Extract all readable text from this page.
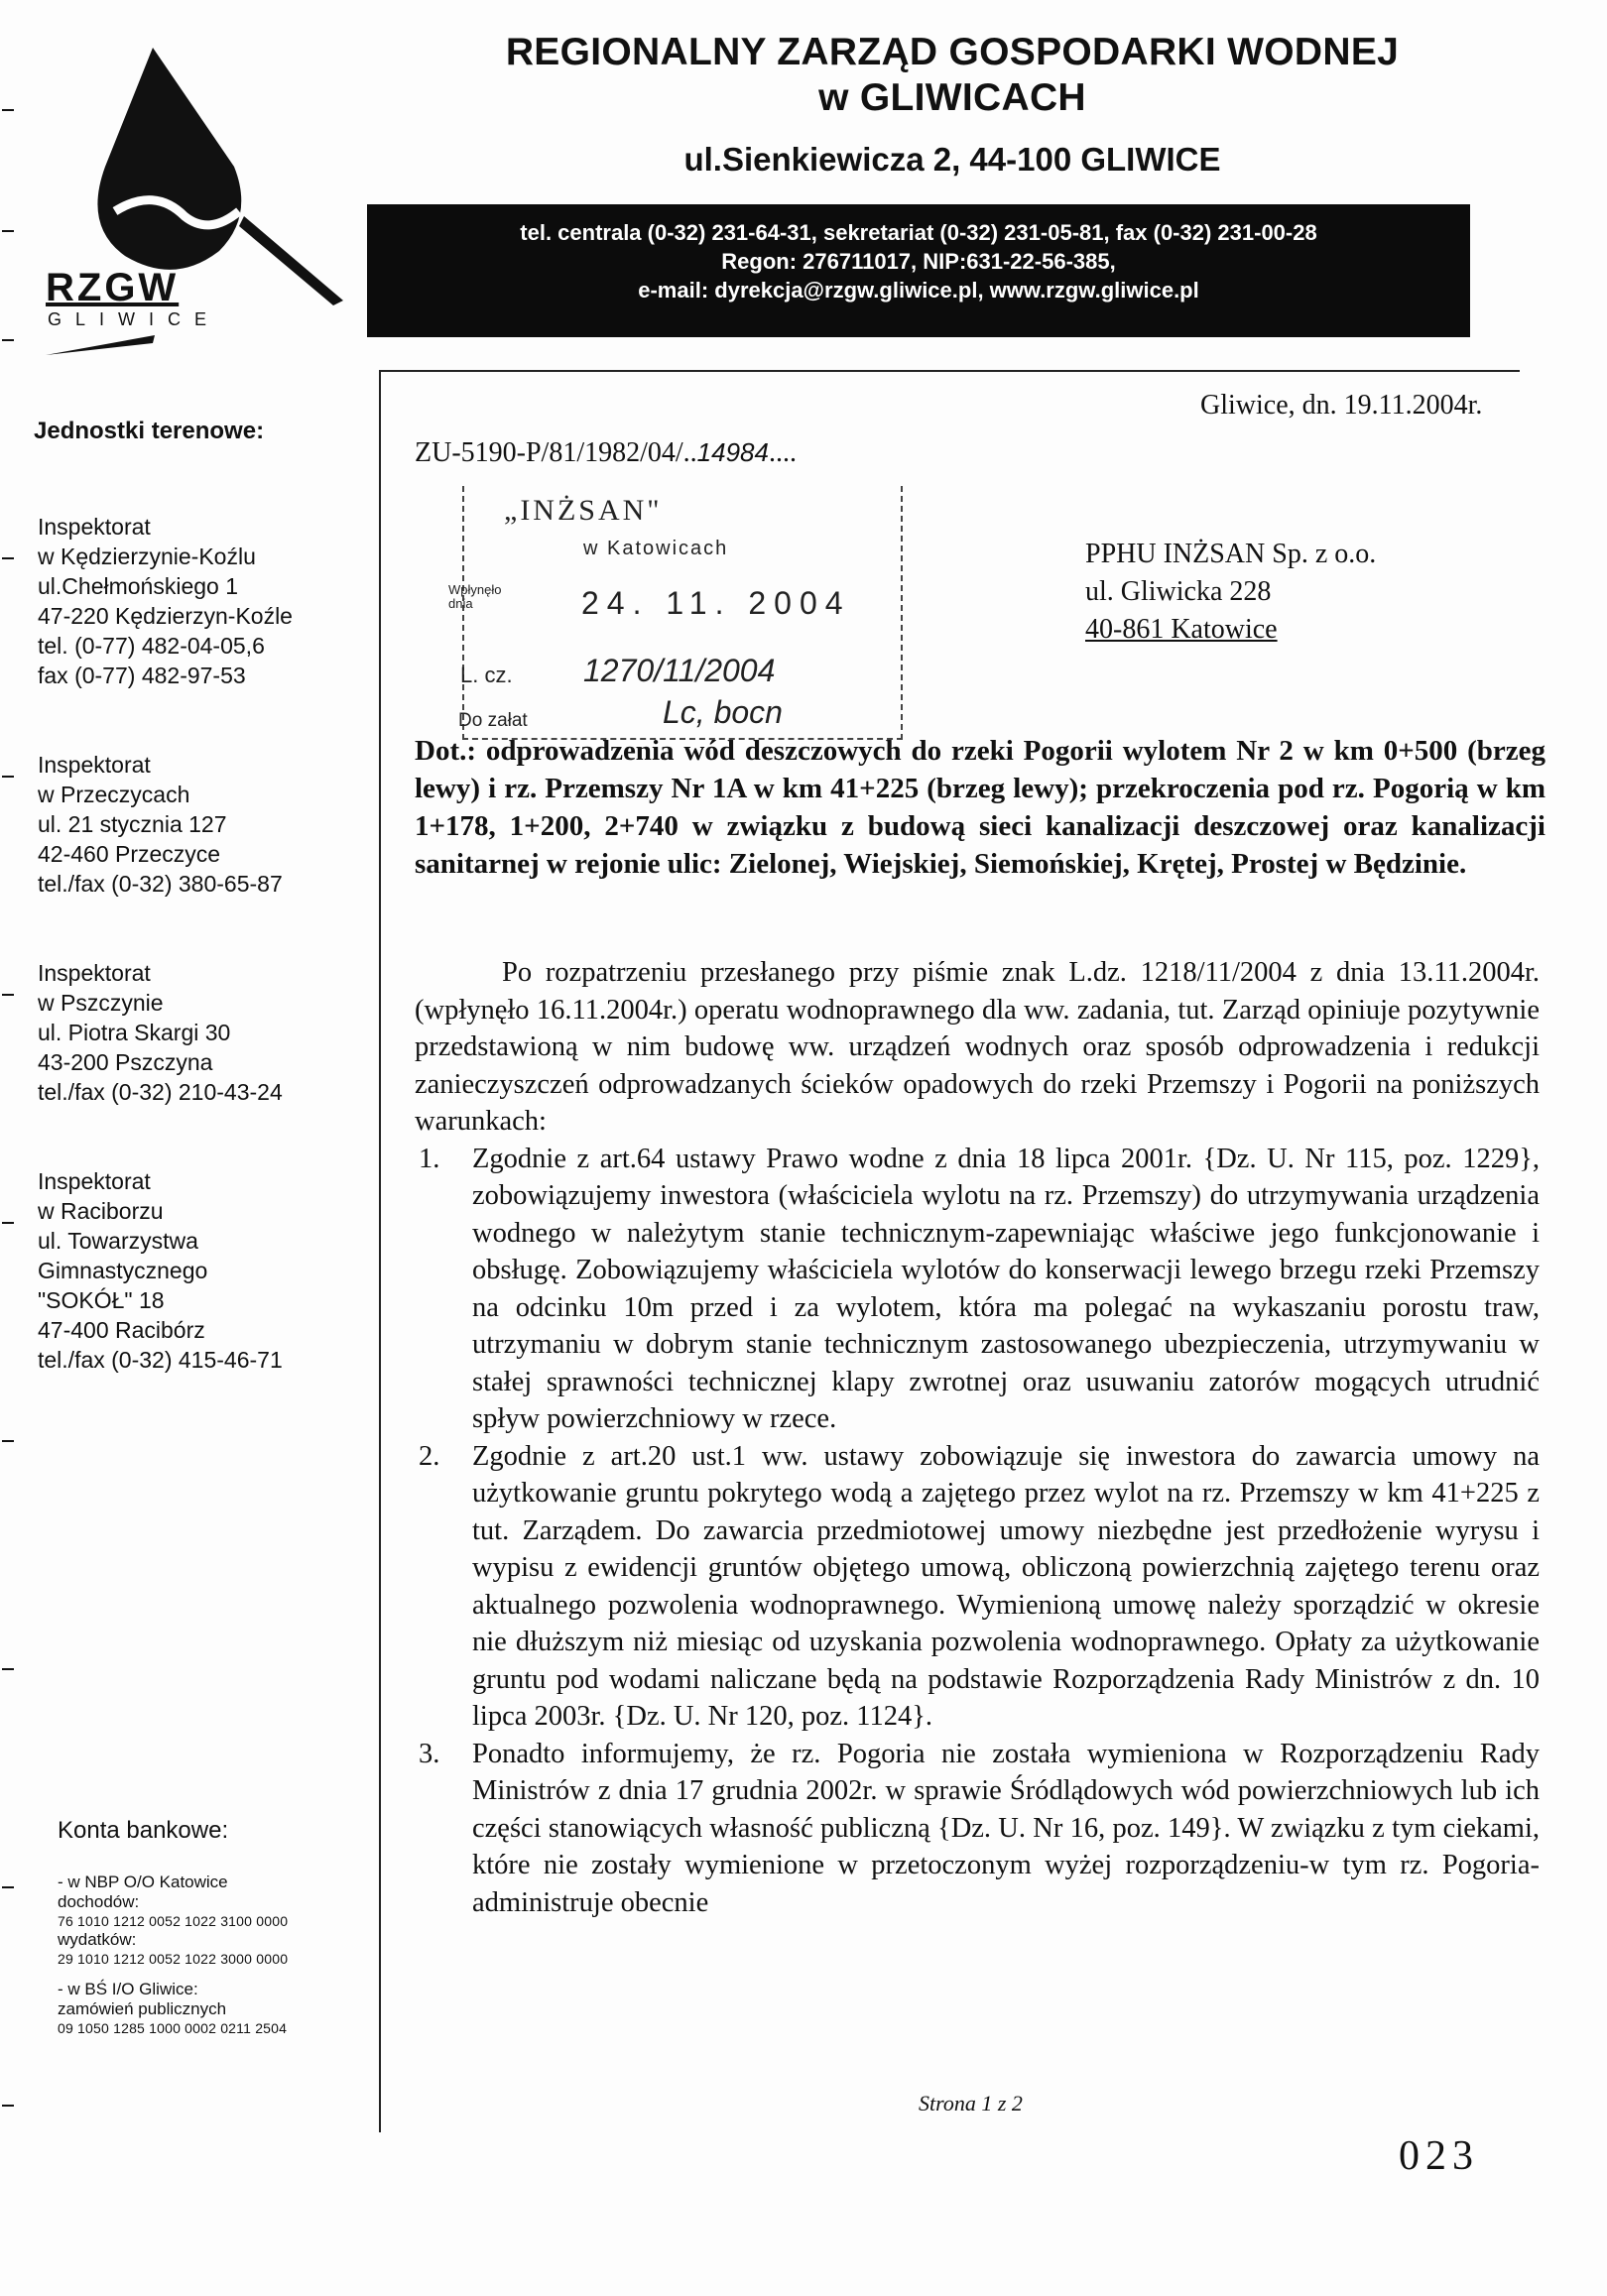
RZGW
GLIWICE
REGIONALNY ZARZĄD GOSPODARKI WODNEJ
w GLIWICACH
ul.Sienkiewicza 2, 44-100 GLIWICE
tel. centrala (0-32) 231-64-31, sekretariat (0-32) 231-05-81, fax (0-32) 231-00-28
Regon: 276711017, NIP:631-22-56-385,
e-mail: dyrekcja@rzgw.gliwice.pl, www.rzgw.gliwice.pl
Jednostki terenowe:
Inspektorat
w Kędzierzynie-Koźlu
ul.Chełmońskiego 1
47-220 Kędzierzyn-Koźle
tel. (0-77) 482-04-05,6
fax (0-77) 482-97-53
Inspektorat
w Przeczycach
ul. 21 stycznia 127
42-460 Przeczyce
tel./fax (0-32) 380-65-87
Inspektorat
w Pszczynie
ul. Piotra Skargi 30
43-200 Pszczyna
tel./fax (0-32) 210-43-24
Inspektorat
w Raciborzu
ul. Towarzystwa
Gimnastycznego
"SOKÓŁ" 18
47-400 Racibórz
tel./fax (0-32) 415-46-71
Konta bankowe:
- w NBP O/O Katowice
dochodów:
76 1010 1212 0052 1022 3100 0000
wydatków:
29 1010 1212 0052 1022 3000 0000
- w BŚ I/O Gliwice:
zamówień publicznych
09 1050 1285 1000 0002 0211 2504
Gliwice, dn. 19.11.2004r.
ZU-5190-P/81/1982/04/..14984....
„INŻSAN"
w Katowicach
Wpłynęło dnia	24. 11. 2004
L. cz. 1270/11/2004
Do załat	Lc, bocn
PPHU INŻSAN Sp. z o.o.
ul. Gliwicka 228
40-861 Katowice
Dot.: odprowadzenia wód deszczowych do rzeki Pogorii wylotem Nr 2 w km 0+500 (brzeg lewy) i rz. Przemszy Nr 1A w km 41+225 (brzeg lewy); przekroczenia pod rz. Pogorią w km 1+178, 1+200, 2+740 w związku z budową sieci kanalizacji deszczowej oraz kanalizacji sanitarnej w rejonie ulic: Zielonej, Wiejskiej, Siemońskiej, Krętej, Prostej w Będzinie.

Po rozpatrzeniu przesłanego przy piśmie znak L.dz. 1218/11/2004 z dnia 13.11.2004r. (wpłynęło 16.11.2004r.) operatu wodnoprawnego dla ww. zadania, tut. Zarząd opiniuje pozytywnie przedstawioną w nim budowę ww. urządzeń wodnych oraz sposób odprowadzenia i redukcji zanieczyszczeń odprowadzanych ścieków opadowych do rzeki Przemszy i Pogorii na poniższych warunkach:

1. Zgodnie z art.64 ustawy Prawo wodne z dnia 18 lipca 2001r. {Dz. U. Nr 115, poz. 1229}, zobowiązujemy inwestora (właściciela wylotu na rz. Przemszy) do utrzymywania urządzenia wodnego w należytym stanie technicznym-zapewniając właściwe jego funkcjonowanie i obsługę. Zobowiązujemy właściciela wylotów do konserwacji lewego brzegu rzeki Przemszy na odcinku 10m przed i za wylotem, która ma polegać na wykaszaniu porostu traw, utrzymaniu w dobrym stanie technicznym zastosowanego ubezpieczenia, utrzymywaniu w stałej sprawności technicznej klapy zwrotnej oraz usuwaniu zatorów mogących utrudnić spływ powierzchniowy w rzece.
2. Zgodnie z art.20 ust.1 ww. ustawy zobowiązuje się inwestora do zawarcia umowy na użytkowanie gruntu pokrytego wodą a zajętego przez wylot na rz. Przemszy w km 41+225 z tut. Zarządem. Do zawarcia przedmiotowej umowy niezbędne jest przedłożenie wyrysu i wypisu z ewidencji gruntów objętego umową, obliczoną powierzchnią zajętego terenu oraz aktualnego pozwolenia wodnoprawnego. Wymienioną umowę należy sporządzić w okresie nie dłuższym niż miesiąc od uzyskania pozwolenia wodnoprawnego. Opłaty za użytkowanie gruntu pod wodami naliczane będą na podstawie Rozporządzenia Rady Ministrów z dn. 10 lipca 2003r. {Dz. U. Nr 120, poz. 1124}.
3. Ponadto informujemy, że rz. Pogoria nie została wymieniona w Rozporządzeniu Rady Ministrów z dnia 17 grudnia 2002r. w sprawie Śródlądowych wód powierzchniowych lub ich części stanowiących własność publiczną {Dz. U. Nr 16, poz. 149}. W związku z tym ciekami, które nie zostały wymienione w przetoczonym wyżej rozporządzeniu-w tym rz. Pogoria-administruje obecnie
Strona 1 z 2
023
